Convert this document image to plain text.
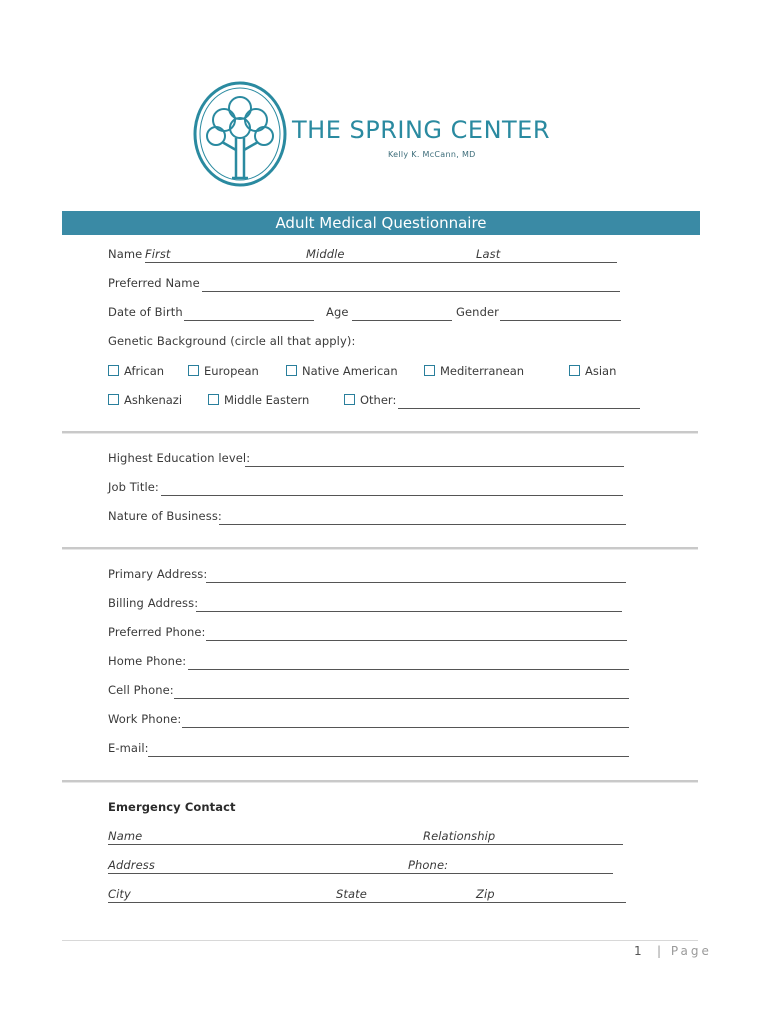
THE SPRING CENTER
Kelly K. McCann, MD
Adult Medical Questionnaire
Name First	Middle	Last
Preferred Name
Date of Birth	Age	Gender
Genetic Background (circle all that apply):
African	European	Native American	Mediterranean	Asian
Ashkenazi	Middle Eastern	Other:
Highest Education level:
Job Title:
Nature of Business:
Primary Address:
Billing Address:
Preferred Phone:
Home Phone:
Cell Phone:
Work Phone:
E-mail:
Emergency Contact
Name	Relationship
Address	Phone:
City	State	Zip
1 | Page
